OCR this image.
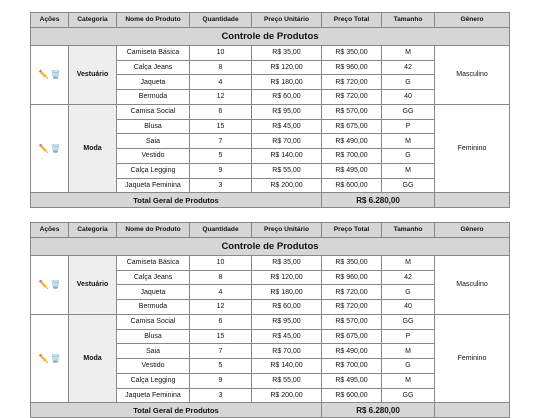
Ações	Categoria	Nome do Produto	Quantidade	Preço Unitário	Preço Total	Tamanho	Gênero
Controle de Produtos							
✏️ 🗑️	Vestuário	Camiseta Básica	10	R$ 35,00	R$ 350,00	M	Masculino
		Calça Jeans	8	R$ 120,00	R$ 960,00	42	
		Jaqueta	4	R$ 180,00	R$ 720,00	G	
		Bermuda	12	R$ 60,00	R$ 720,00	40	
✏️ 🗑️	Moda	Camisa Social	6	R$ 95,00	R$ 570,00	GG	Feminino
		Blusa	15	R$ 45,00	R$ 675,00	P	
		Saia	7	R$ 70,00	R$ 490,00	M	
		Vestido	5	R$ 140,00	R$ 700,00	G	
		Calça Legging	9	R$ 55,00	R$ 495,00	M	
		Jaqueta Feminina	3	R$ 200,00	R$ 600,00	GG	
Total Geral de Produtos					R$ 6.280,00		
Ações	Categoria	Nome do Produto	Quantidade	Preço Unitário	Preço Total	Tamanho	Gênero
Controle de Produtos							
✏️ 🗑️	Vestuário	Camiseta Básica	10	R$ 35,00	R$ 350,00	M	Masculino
		Calça Jeans	8	R$ 120,00	R$ 960,00	42	
		Jaqueta	4	R$ 180,00	R$ 720,00	G	
		Bermuda	12	R$ 60,00	R$ 720,00	40	
✏️ 🗑️	Moda	Camisa Social	6	R$ 95,00	R$ 570,00	GG	Feminino
		Blusa	15	R$ 45,00	R$ 675,00	P	
		Saia	7	R$ 70,00	R$ 490,00	M	
		Vestido	5	R$ 140,00	R$ 700,00	G	
		Calça Legging	9	R$ 55,00	R$ 495,00	M	
		Jaqueta Feminina	3	R$ 200,00	R$ 600,00	GG	
Total Geral de Produtos					R$ 6.280,00		
